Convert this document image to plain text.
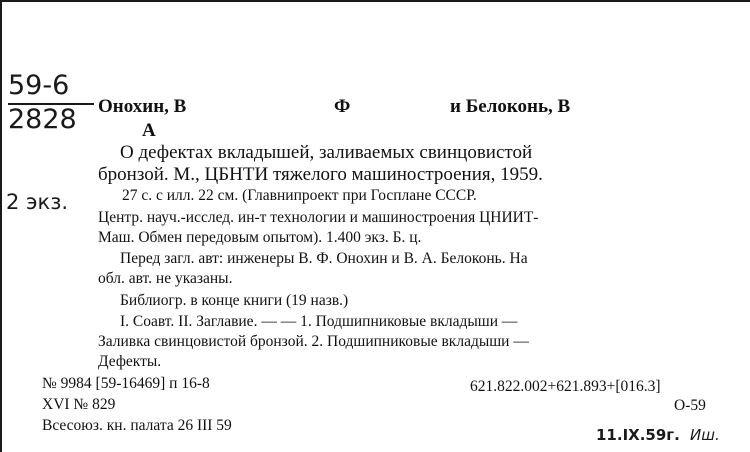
59-6
2828
2 экз.
Онохин, В	Ф	и Белоконь, В
А
О дефектах вкладышей, заливаемых свинцовистой
бронзой. М., ЦБНТИ тяжелого машиностроения, 1959.
27 с. с илл. 22 см. (Главнипроект при Госплане СССР.
Центр. науч.-исслед. ин-т технологии и машиностроения ЦНИИТ-
Маш. Обмен передовым опытом). 1.400 экз. Б. ц.
Перед загл. авт: инженеры В. Ф. Онохин и В. А. Белоконь. На
обл. авт. не указаны.
Библиогр. в конце книги (19 назв.)
I. Соавт. II. Заглавие. — — 1. Подшипниковые вкладыши —
Заливка свинцовистой бронзой. 2. Подшипниковые вкладыши —
Дефекты.
№ 9984 [59-16469] п 16-8
XVI № 829
Всесоюз. кн. палата 26 III 59
621.822.002+621.893+[016.3]
О-59
11.IX.59г. Иш.
